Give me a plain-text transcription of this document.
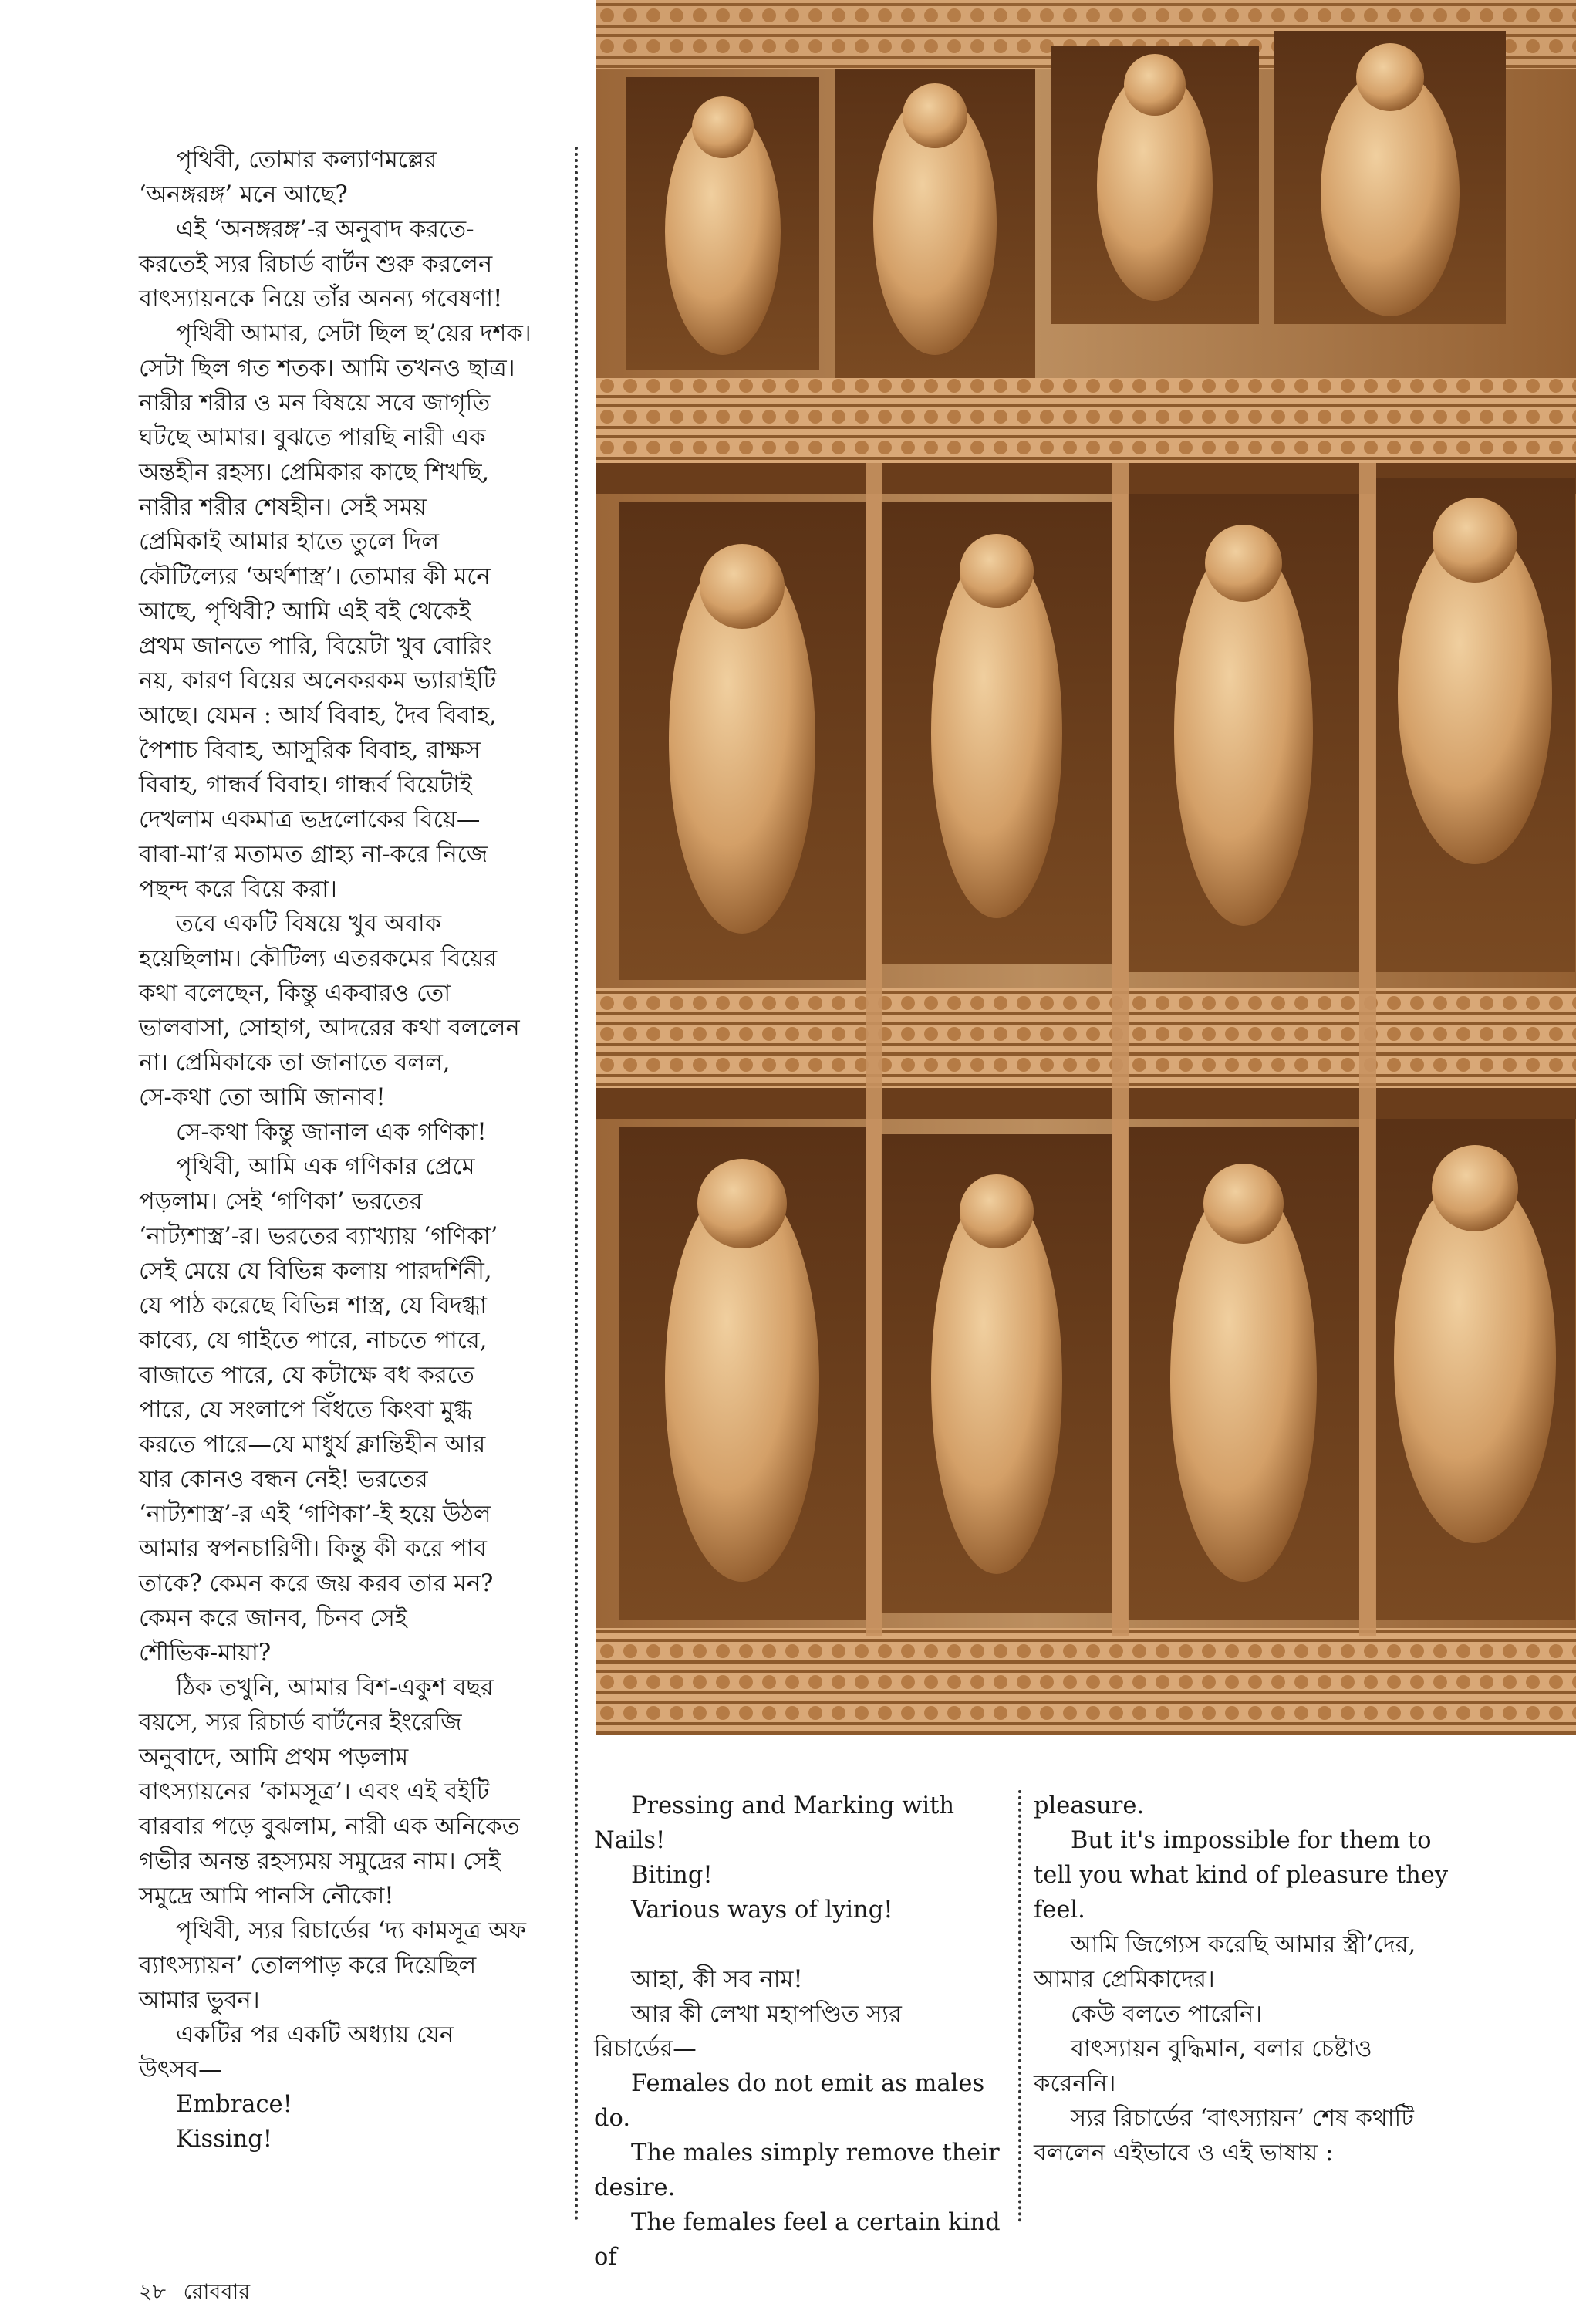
পৃথিবী, তোমার কল্যাণমল্লের

‘অনঙ্গরঙ্গ’ মনে আছে?

এই ‘অনঙ্গরঙ্গ’-র অনুবাদ করতে-

করতেই স্যর রিচার্ড বার্টন শুরু করলেন

বাৎস্যায়নকে নিয়ে তাঁর অনন্য গবেষণা!

পৃথিবী আমার, সেটা ছিল ছ’য়ের দশক।

সেটা ছিল গত শতক। আমি তখনও ছাত্র।

নারীর শরীর ও মন বিষয়ে সবে জাগৃতি

ঘটছে আমার। বুঝতে পারছি নারী এক

অন্তহীন রহস্য। প্রেমিকার কাছে শিখছি,

নারীর শরীর শেষহীন। সেই সময়

প্রেমিকাই আমার হাতে তুলে দিল

কৌটিল্যের ‘অর্থশাস্ত্র’। তোমার কী মনে

আছে, পৃথিবী? আমি এই বই থেকেই

প্রথম জানতে পারি, বিয়েটা খুব বোরিং

নয়, কারণ বিয়ের অনেকরকম ভ্যারাইটি

আছে। যেমন : আর্য বিবাহ, দৈব বিবাহ,

পৈশাচ বিবাহ, আসুরিক বিবাহ, রাক্ষস

বিবাহ, গান্ধর্ব বিবাহ। গান্ধর্ব বিয়েটাই

দেখলাম একমাত্র ভদ্রলোকের বিয়ে—

বাবা-মা’র মতামত গ্রাহ্য না-করে নিজে

পছন্দ করে বিয়ে করা।

তবে একটি বিষয়ে খুব অবাক

হয়েছিলাম। কৌটিল্য এতরকমের বিয়ের

কথা বলেছেন, কিন্তু একবারও তো

ভালবাসা, সোহাগ, আদরের কথা বললেন

না। প্রেমিকাকে তা জানাতে বলল,

সে-কথা তো আমি জানাব!

সে-কথা কিন্তু জানাল এক গণিকা!

পৃথিবী, আমি এক গণিকার প্রেমে

পড়লাম। সেই ‘গণিকা’ ভরতের

‘নাট্যশাস্ত্র’-র। ভরতের ব্যাখ্যায় ‘গণিকা’

সেই মেয়ে যে বিভিন্ন কলায় পারদর্শিনী,

যে পাঠ করেছে বিভিন্ন শাস্ত্র, যে বিদগ্ধা

কাব্যে, যে গাইতে পারে, নাচতে পারে,

বাজাতে পারে, যে কটাক্ষে বধ করতে

পারে, যে সংলাপে বিঁধতে কিংবা মুগ্ধ

করতে পারে—যে মাধুর্য ক্লান্তিহীন আর

যার কোনও বন্ধন নেই! ভরতের

‘নাট্যশাস্ত্র’-র এই ‘গণিকা’-ই হয়ে উঠল

আমার স্বপনচারিণী। কিন্তু কী করে পাব

তাকে? কেমন করে জয় করব তার মন?

কেমন করে জানব, চিনব সেই

শৌভিক-মায়া?

ঠিক তখুনি, আমার বিশ-একুশ বছর

বয়সে, স্যর রিচার্ড বার্টনের ইংরেজি

অনুবাদে, আমি প্রথম পড়লাম

বাৎস্যায়নের ‘কামসূত্র’। এবং এই বইটি

বারবার পড়ে বুঝলাম, নারী এক অনিকেত

গভীর অনন্ত রহস্যময় সমুদ্রের নাম। সেই

সমুদ্রে আমি পানসি নৌকো!

পৃথিবী, স্যর রিচার্ডের ‘দ্য কামসূত্র অফ

ব্যাৎস্যায়ন’ তোলপাড় করে দিয়েছিল

আমার ভুবন।

একটির পর একটি অধ্যায় যেন

উৎসব—

Embrace!

Kissing!

Pressing and Marking with Nails!

Biting!

Various ways of lying!

আহা, কী সব নাম!

আর কী লেখা মহাপণ্ডিত স্যর

রিচার্ডের—

Females do not emit as males do.

The males simply remove their

desire.

The females feel a certain kind of

pleasure.

But it's impossible for them to

tell you what kind of pleasure they

feel.

আমি জিগ্যেস করেছি আমার স্ত্রী’দের,

আমার প্রেমিকাদের।

কেউ বলতে পারেনি।

বাৎস্যায়ন বুদ্ধিমান, বলার চেষ্টাও

করেননি।

স্যর রিচার্ডের ‘বাৎস্যায়ন’ শেষ কথাটি

বললেন এইভাবে ও এই ভাষায় :

২৮ রোববার
